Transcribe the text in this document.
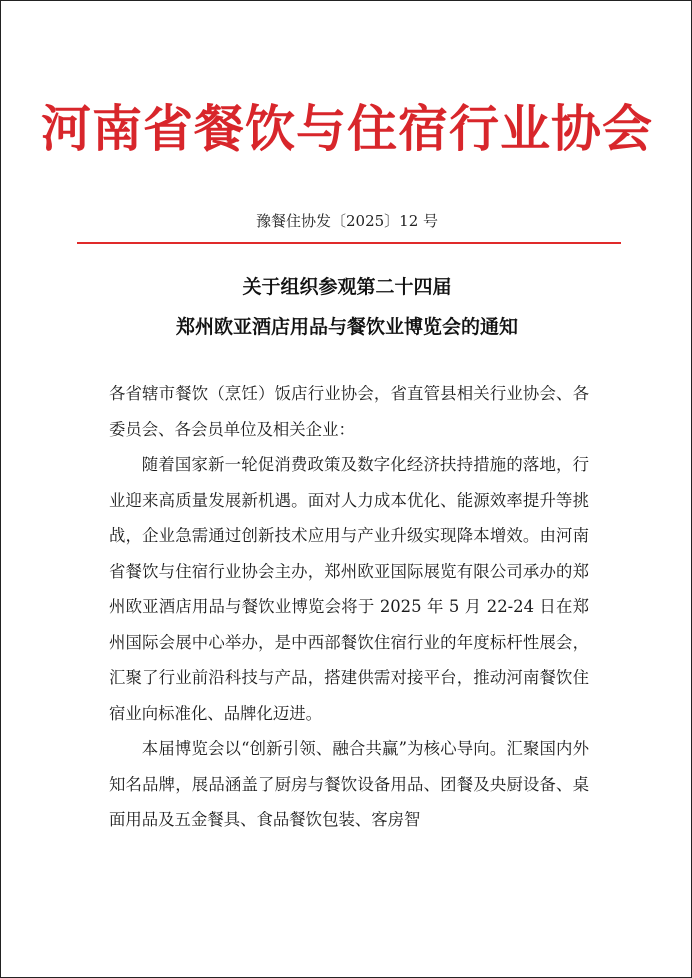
河南省餐饮与住宿行业协会
豫餐住协发〔2025〕12 号
关于组织参观第二十四届
郑州欧亚酒店用品与餐饮业博览会的通知

各省辖市餐饮（烹饪）饭店行业协会，省直管县相关行业协会、各委员会、各会员单位及相关企业：

随着国家新一轮促消费政策及数字化经济扶持措施的落地，行业迎来高质量发展新机遇。面对人力成本优化、能源效率提升等挑战，企业急需通过创新技术应用与产业升级实现降本增效。由河南省餐饮与住宿行业协会主办，郑州欧亚国际展览有限公司承办的郑州欧亚酒店用品与餐饮业博览会将于 2025 年 5 月 22-24 日在郑州国际会展中心举办，是中西部餐饮住宿行业的年度标杆性展会，汇聚了行业前沿科技与产品，搭建供需对接平台，推动河南餐饮住宿业向标准化、品牌化迈进。

本届博览会以“创新引领、融合共赢”为核心导向。汇聚国内外知名品牌，展品涵盖了厨房与餐饮设备用品、团餐及央厨设备、桌面用品及五金餐具、食品餐饮包装、客房智
